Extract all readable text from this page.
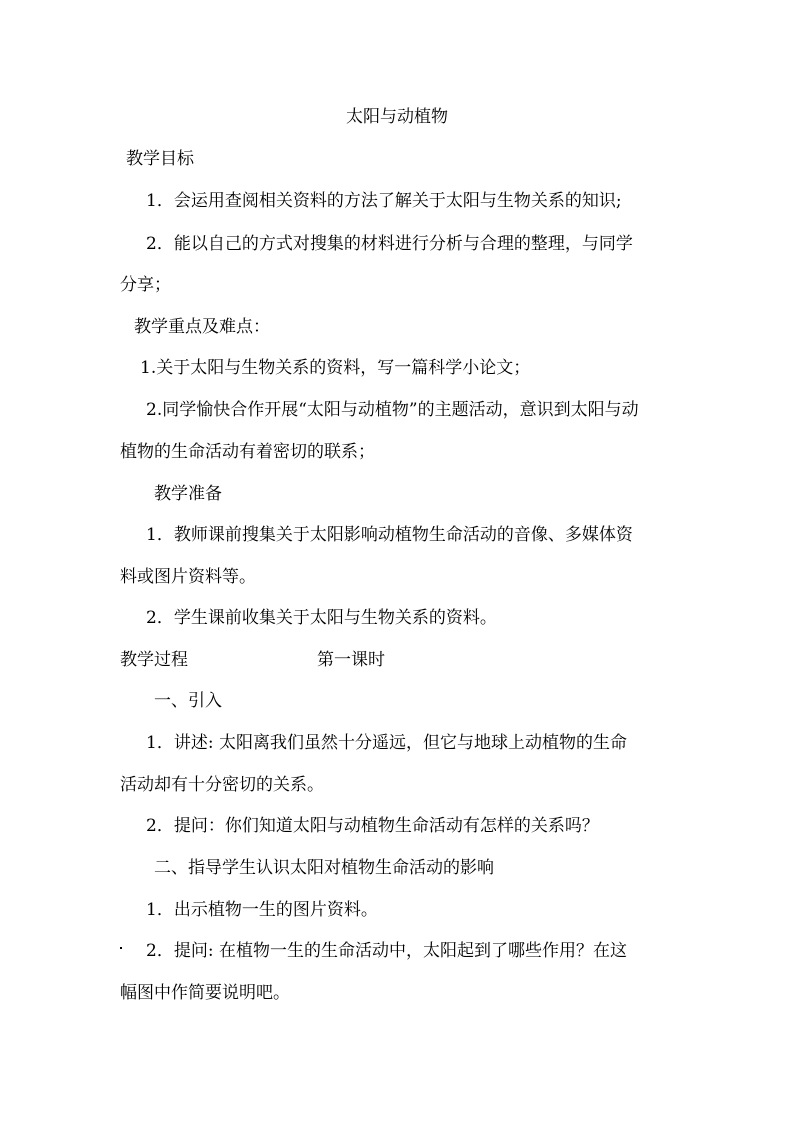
太阳与动植物
教学目标
1．会运用查阅相关资料的方法了解关于太阳与生物关系的知识;
2．能以自己的方式对搜集的材料进行分析与合理的整理，与同学
分享；
教学重点及难点：
1.关于太阳与生物关系的资料，写一篇科学小论文；
2.同学愉快合作开展“太阳与动植物”的主题活动，意识到太阳与动
植物的生命活动有着密切的联系；
教学准备
1．教师课前搜集关于太阳影响动植物生命活动的音像、多媒体资
料或图片资料等。
2．学生课前收集关于太阳与生物关系的资料。
教学过程	第一课时
一、引入
1．讲述: 太阳离我们虽然十分遥远，但它与地球上动植物的生命
活动却有十分密切的关系。
2．提问：你们知道太阳与动植物生命活动有怎样的关系吗？
二、指导学生认识太阳对植物生命活动的影响
1．出示植物一生的图片资料。
2．提问: 在植物一生的生命活动中，太阳起到了哪些作用？在这
幅图中作简要说明吧。
